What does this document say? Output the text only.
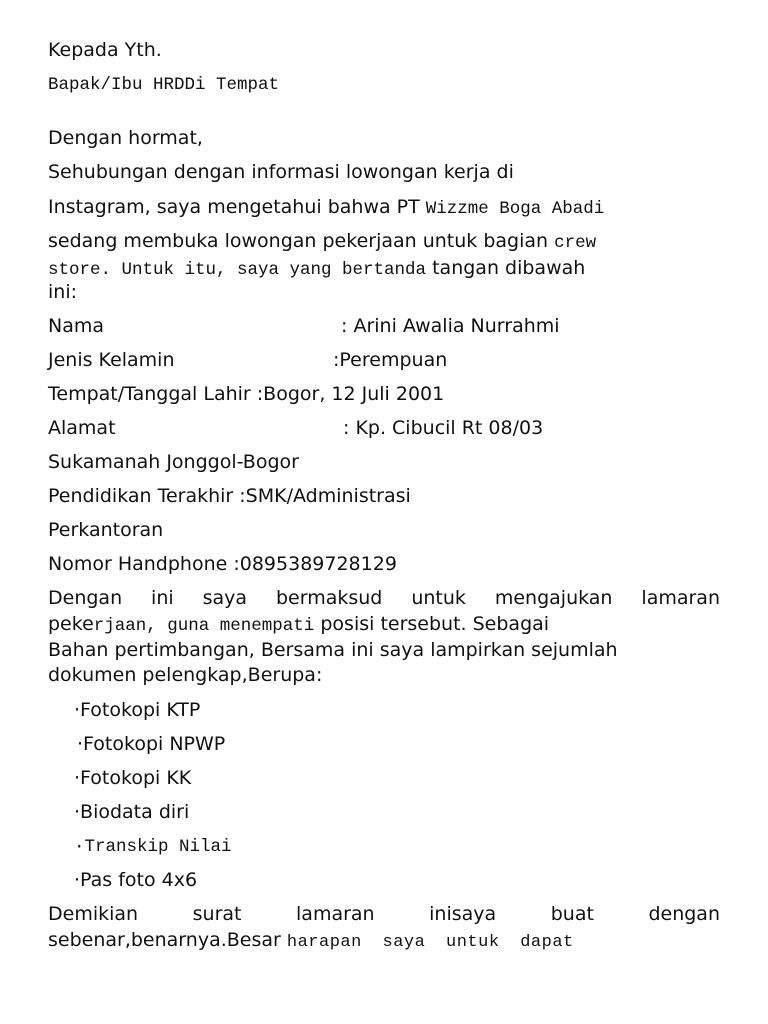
Kepada Yth.
Bapak/Ibu HRDDi Tempat
Dengan hormat,
Sehubungan dengan informasi lowongan kerja di
Instagram, saya mengetahui bahwa PT Wizzme Boga Abadi
sedang membuka lowongan pekerjaan untuk bagian crew
store. Untuk itu, saya yang bertanda tangan dibawah
ini:
Nama	: Arini Awalia Nurrahmi
Jenis Kelamin	:Perempuan
Tempat/Tanggal Lahir :Bogor, 12 Juli 2001
Alamat	: Kp. Cibucil Rt 08/03
Sukamanah Jonggol-Bogor
Pendidikan Terakhir :SMK/Administrasi
Perkantoran
Nomor Handphone :0895389728129
Dengan ini saya bermaksud untuk mengajukan lamaran
pekerjaan, guna menempati posisi tersebut. Sebagai
Bahan pertimbangan, Bersama ini saya lampirkan sejumlah
dokumen pelengkap,Berupa:
·Fotokopi KTP
·Fotokopi NPWP
·Fotokopi KK
·Biodata diri
·Transkip Nilai
·Pas foto 4x6
Demikian surat lamaran inisaya buat dengan
sebenar,benarnya.Besar harapan saya untuk dapat
